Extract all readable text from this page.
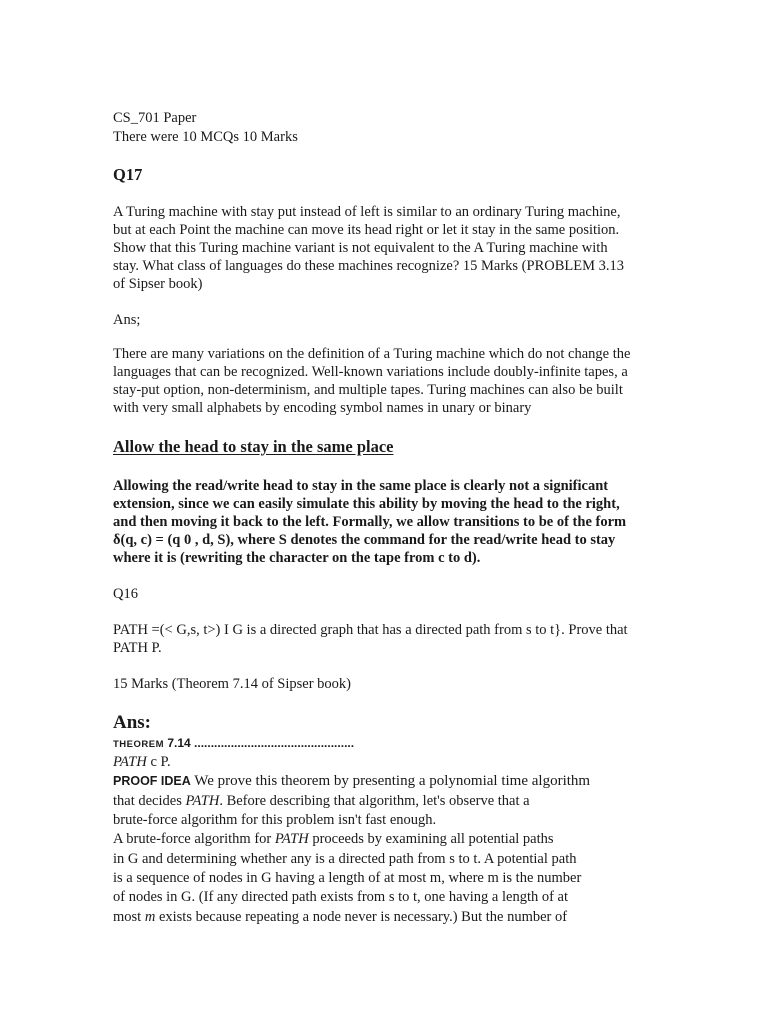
CS_701 Paper
There were 10 MCQs 10 Marks
Q17
A Turing machine with stay put instead of left is similar to an ordinary Turing machine,
but at each Point the machine can move its head right or let it stay in the same position.
Show that this Turing machine variant is not equivalent to the A Turing machine with
stay. What class of languages do these machines recognize? 15 Marks (PROBLEM 3.13
of Sipser book)
Ans;
There are many variations on the definition of a Turing machine which do not change the
languages that can be recognized. Well-known variations include doubly-infinite tapes, a
stay-put option, non-determinism, and multiple tapes. Turing machines can also be built
with very small alphabets by encoding symbol names in unary or binary
Allow the head to stay in the same place
Allowing the read/write head to stay in the same place is clearly not a significant
extension, since we can easily simulate this ability by moving the head to the right,
and then moving it back to the left. Formally, we allow transitions to be of the form
δ(q, c) = (q 0 , d, S), where S denotes the command for the read/write head to stay
where it is (rewriting the character on the tape from c to d).
Q16
PATH =(< G,s, t>) I G is a directed graph that has a directed path from s to t}. Prove that
PATH P.
15 Marks (Theorem 7.14 of Sipser book)
Ans:
THEOREM 7.14 ................................................
PATH c P.
PROOF IDEA We prove this theorem by presenting a polynomial time algorithm
that decides PATH. Before describing that algorithm, let's observe that a
brute-force algorithm for this problem isn't fast enough.
A brute-force algorithm for PATH proceeds by examining all potential paths
in G and determining whether any is a directed path from s to t. A potential path
is a sequence of nodes in G having a length of at most m, where m is the number
of nodes in G. (If any directed path exists from s to t, one having a length of at
most m exists because repeating a node never is necessary.) But the number of
